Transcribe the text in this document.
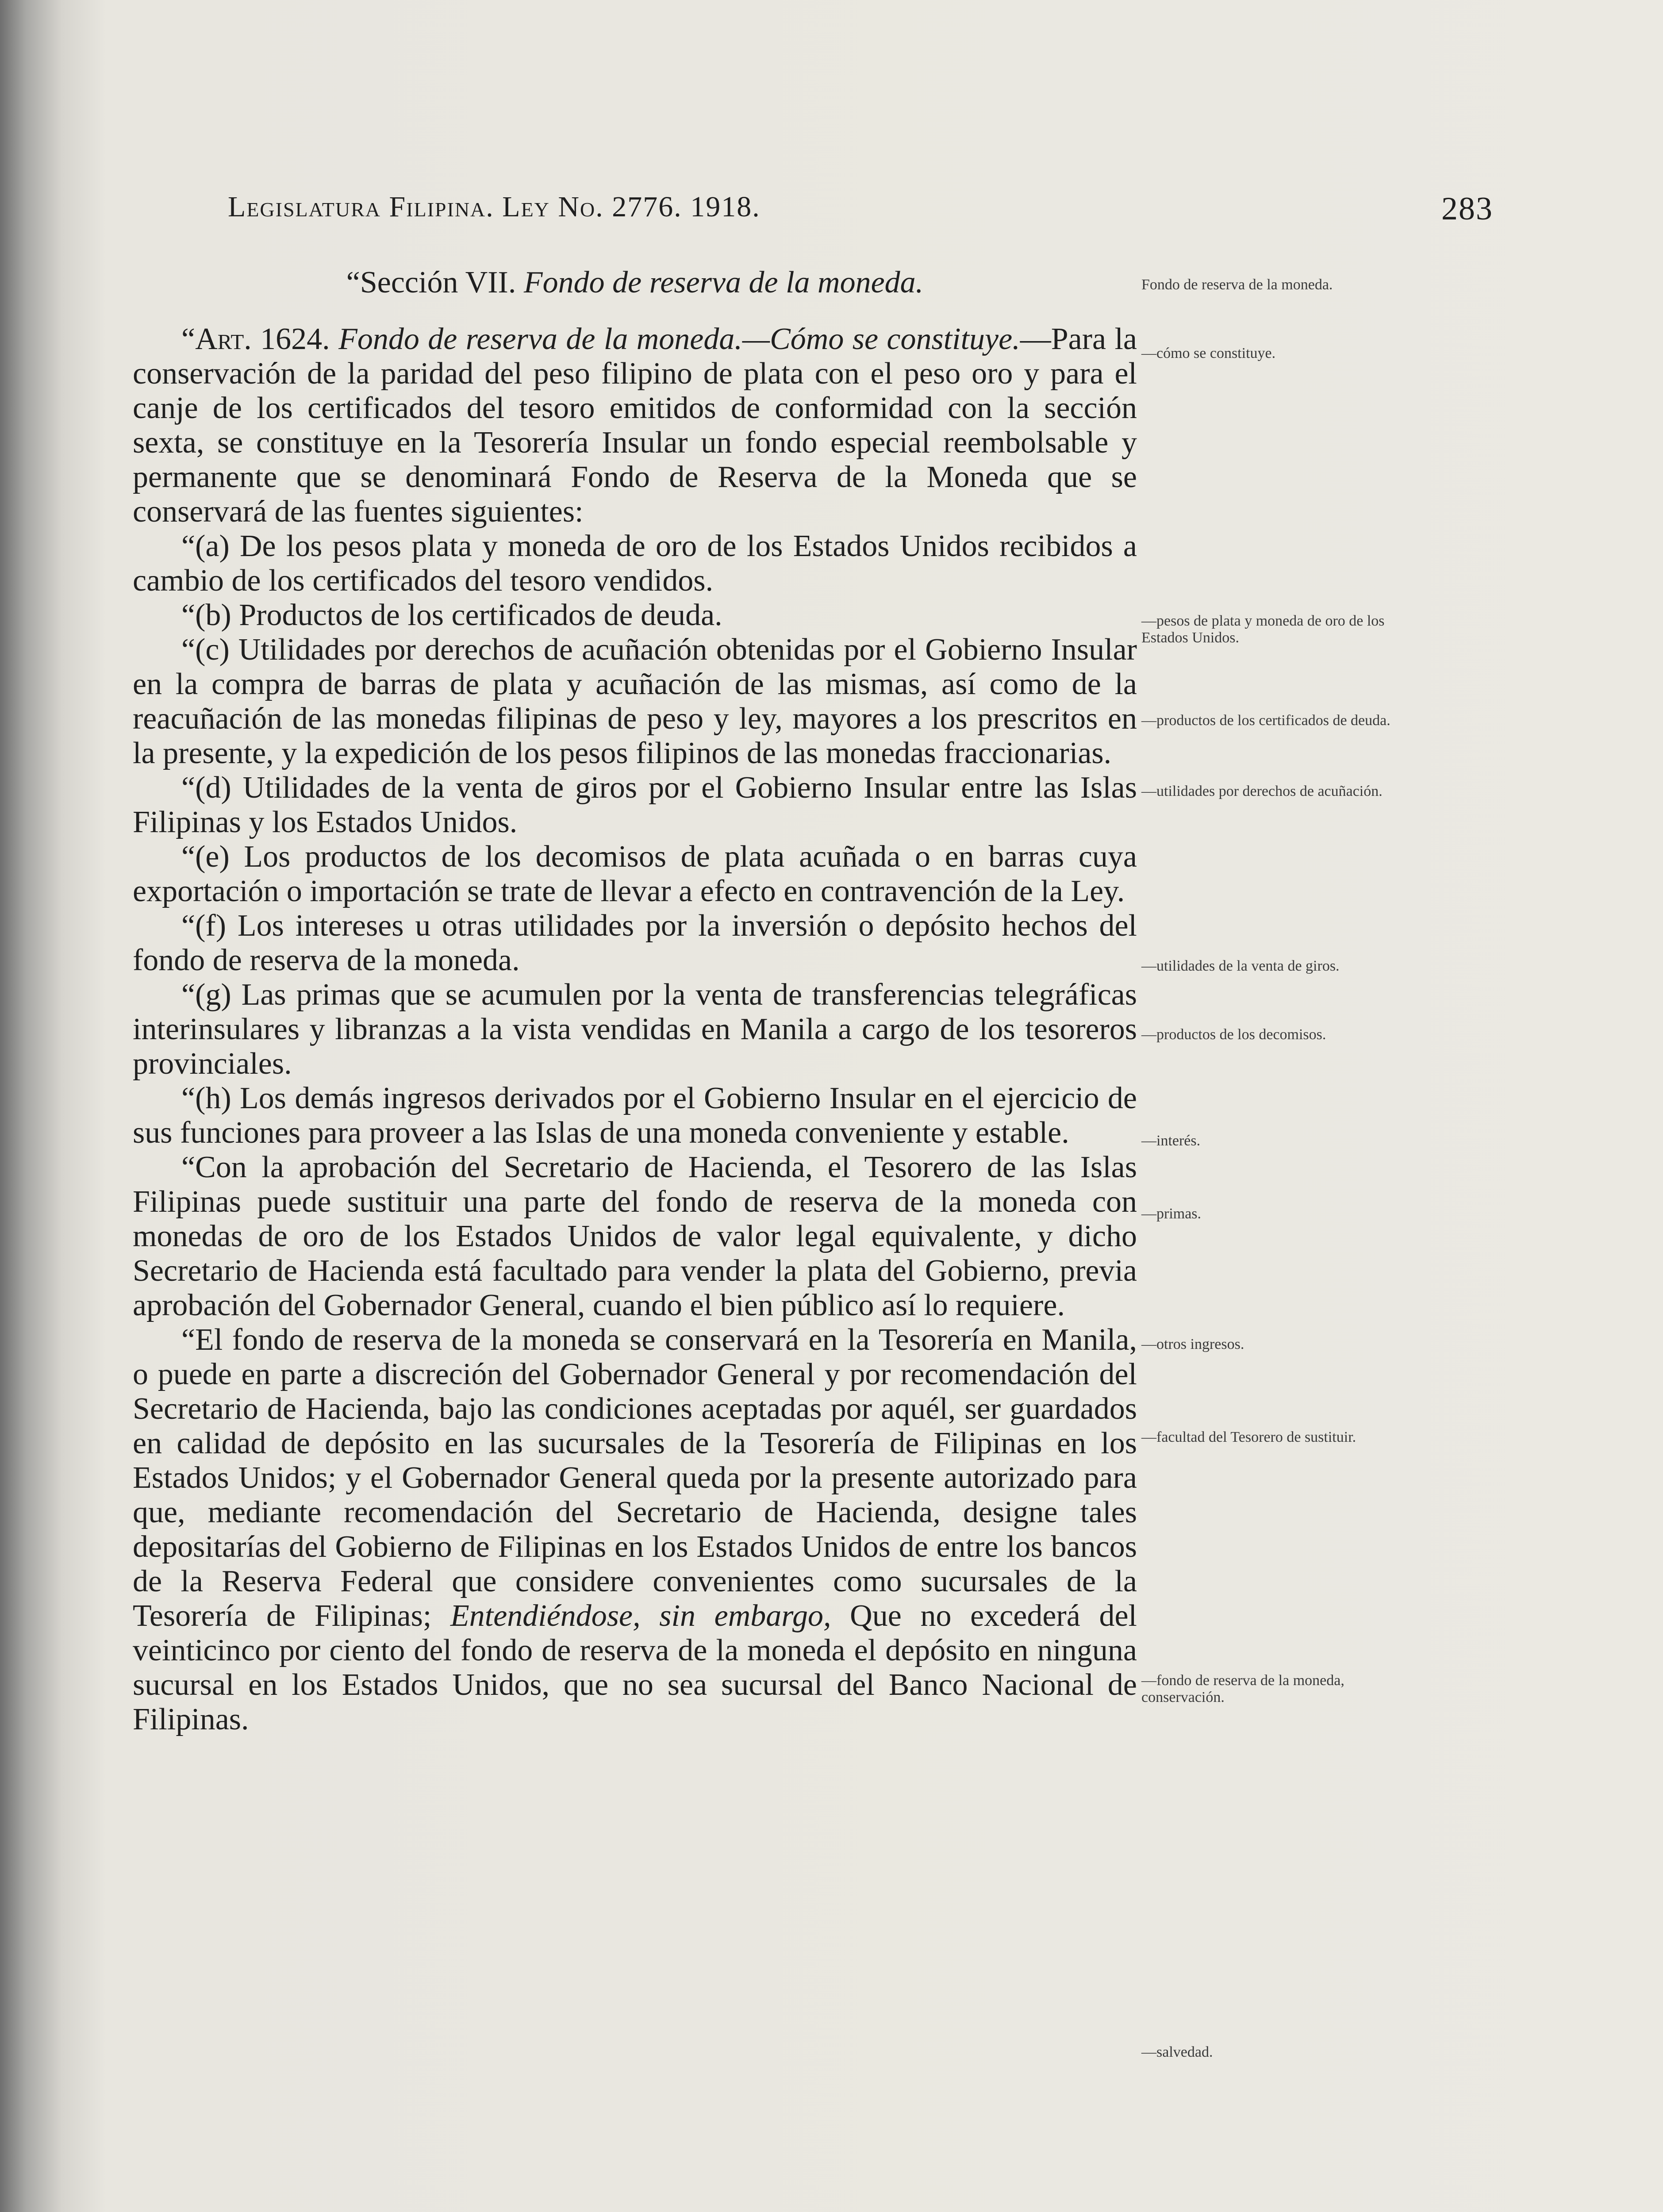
Legislatura Filipina. Ley No. 2776. 1918.	283

“Sección VII. Fondo de reserva de la moneda.

“Art. 1624. Fondo de reserva de la moneda.—Cómo se constituye.—Para la conservación de la paridad del peso filipino de plata con el peso oro y para el canje de los certificados del tesoro emitidos de conformidad con la sección sexta, se constituye en la Tesorería Insular un fondo especial reembolsable y permanente que se denominará Fondo de Reserva de la Moneda que se conservará de las fuentes siguientes:

“(a) De los pesos plata y moneda de oro de los Estados Unidos recibidos a cambio de los certificados del tesoro vendidos.

“(b) Productos de los certificados de deuda.

“(c) Utilidades por derechos de acuñación obtenidas por el Gobierno Insular en la compra de barras de plata y acuñación de las mismas, así como de la reacuñación de las monedas filipinas de peso y ley, mayores a los prescritos en la presente, y la expedición de los pesos filipinos de las monedas fraccionarias.

“(d) Utilidades de la venta de giros por el Gobierno Insular entre las Islas Filipinas y los Estados Unidos.

“(e) Los productos de los decomisos de plata acuñada o en barras cuya exportación o importación se trate de llevar a efecto en contravención de la Ley.

“(f) Los intereses u otras utilidades por la inversión o depósito hechos del fondo de reserva de la moneda.

“(g) Las primas que se acumulen por la venta de transferencias telegráficas interinsulares y libranzas a la vista vendidas en Manila a cargo de los tesoreros provinciales.

“(h) Los demás ingresos derivados por el Gobierno Insular en el ejercicio de sus funciones para proveer a las Islas de una moneda conveniente y estable.

“Con la aprobación del Secretario de Hacienda, el Tesorero de las Islas Filipinas puede sustituir una parte del fondo de reserva de la moneda con monedas de oro de los Estados Unidos de valor legal equivalente, y dicho Secretario de Hacienda está facultado para vender la plata del Gobierno, previa aprobación del Gobernador General, cuando el bien público así lo requiere.

“El fondo de reserva de la moneda se conservará en la Tesorería en Manila, o puede en parte a discreción del Gobernador General y por recomendación del Secretario de Hacienda, bajo las condiciones aceptadas por aquél, ser guardados en calidad de depósito en las sucursales de la Tesorería de Filipinas en los Estados Unidos; y el Gobernador General queda por la presente autorizado para que, mediante recomendación del Secretario de Hacienda, designe tales depositarías del Gobierno de Filipinas en los Estados Unidos de entre los bancos de la Reserva Federal que considere convenientes como sucursales de la Tesorería de Filipinas; Entendiéndose, sin embargo, Que no excederá del veinticinco por ciento del fondo de reserva de la moneda el depósito en ninguna sucursal en los Estados Unidos, que no sea sucursal del Banco Nacional de Filipinas.

Fondo de reserva de la moneda.
—cómo se constituye.
—pesos de plata y moneda de oro de los Estados Unidos.
—productos de los certificados de deuda.
—utilidades por derechos de acuñación.
—utilidades de la venta de giros.
—productos de los decomisos.
—interés.
—primas.
—otros ingresos.
—facultad del Tesorero de sustituir.
—fondo de reserva de la moneda, conservación.
—salvedad.
